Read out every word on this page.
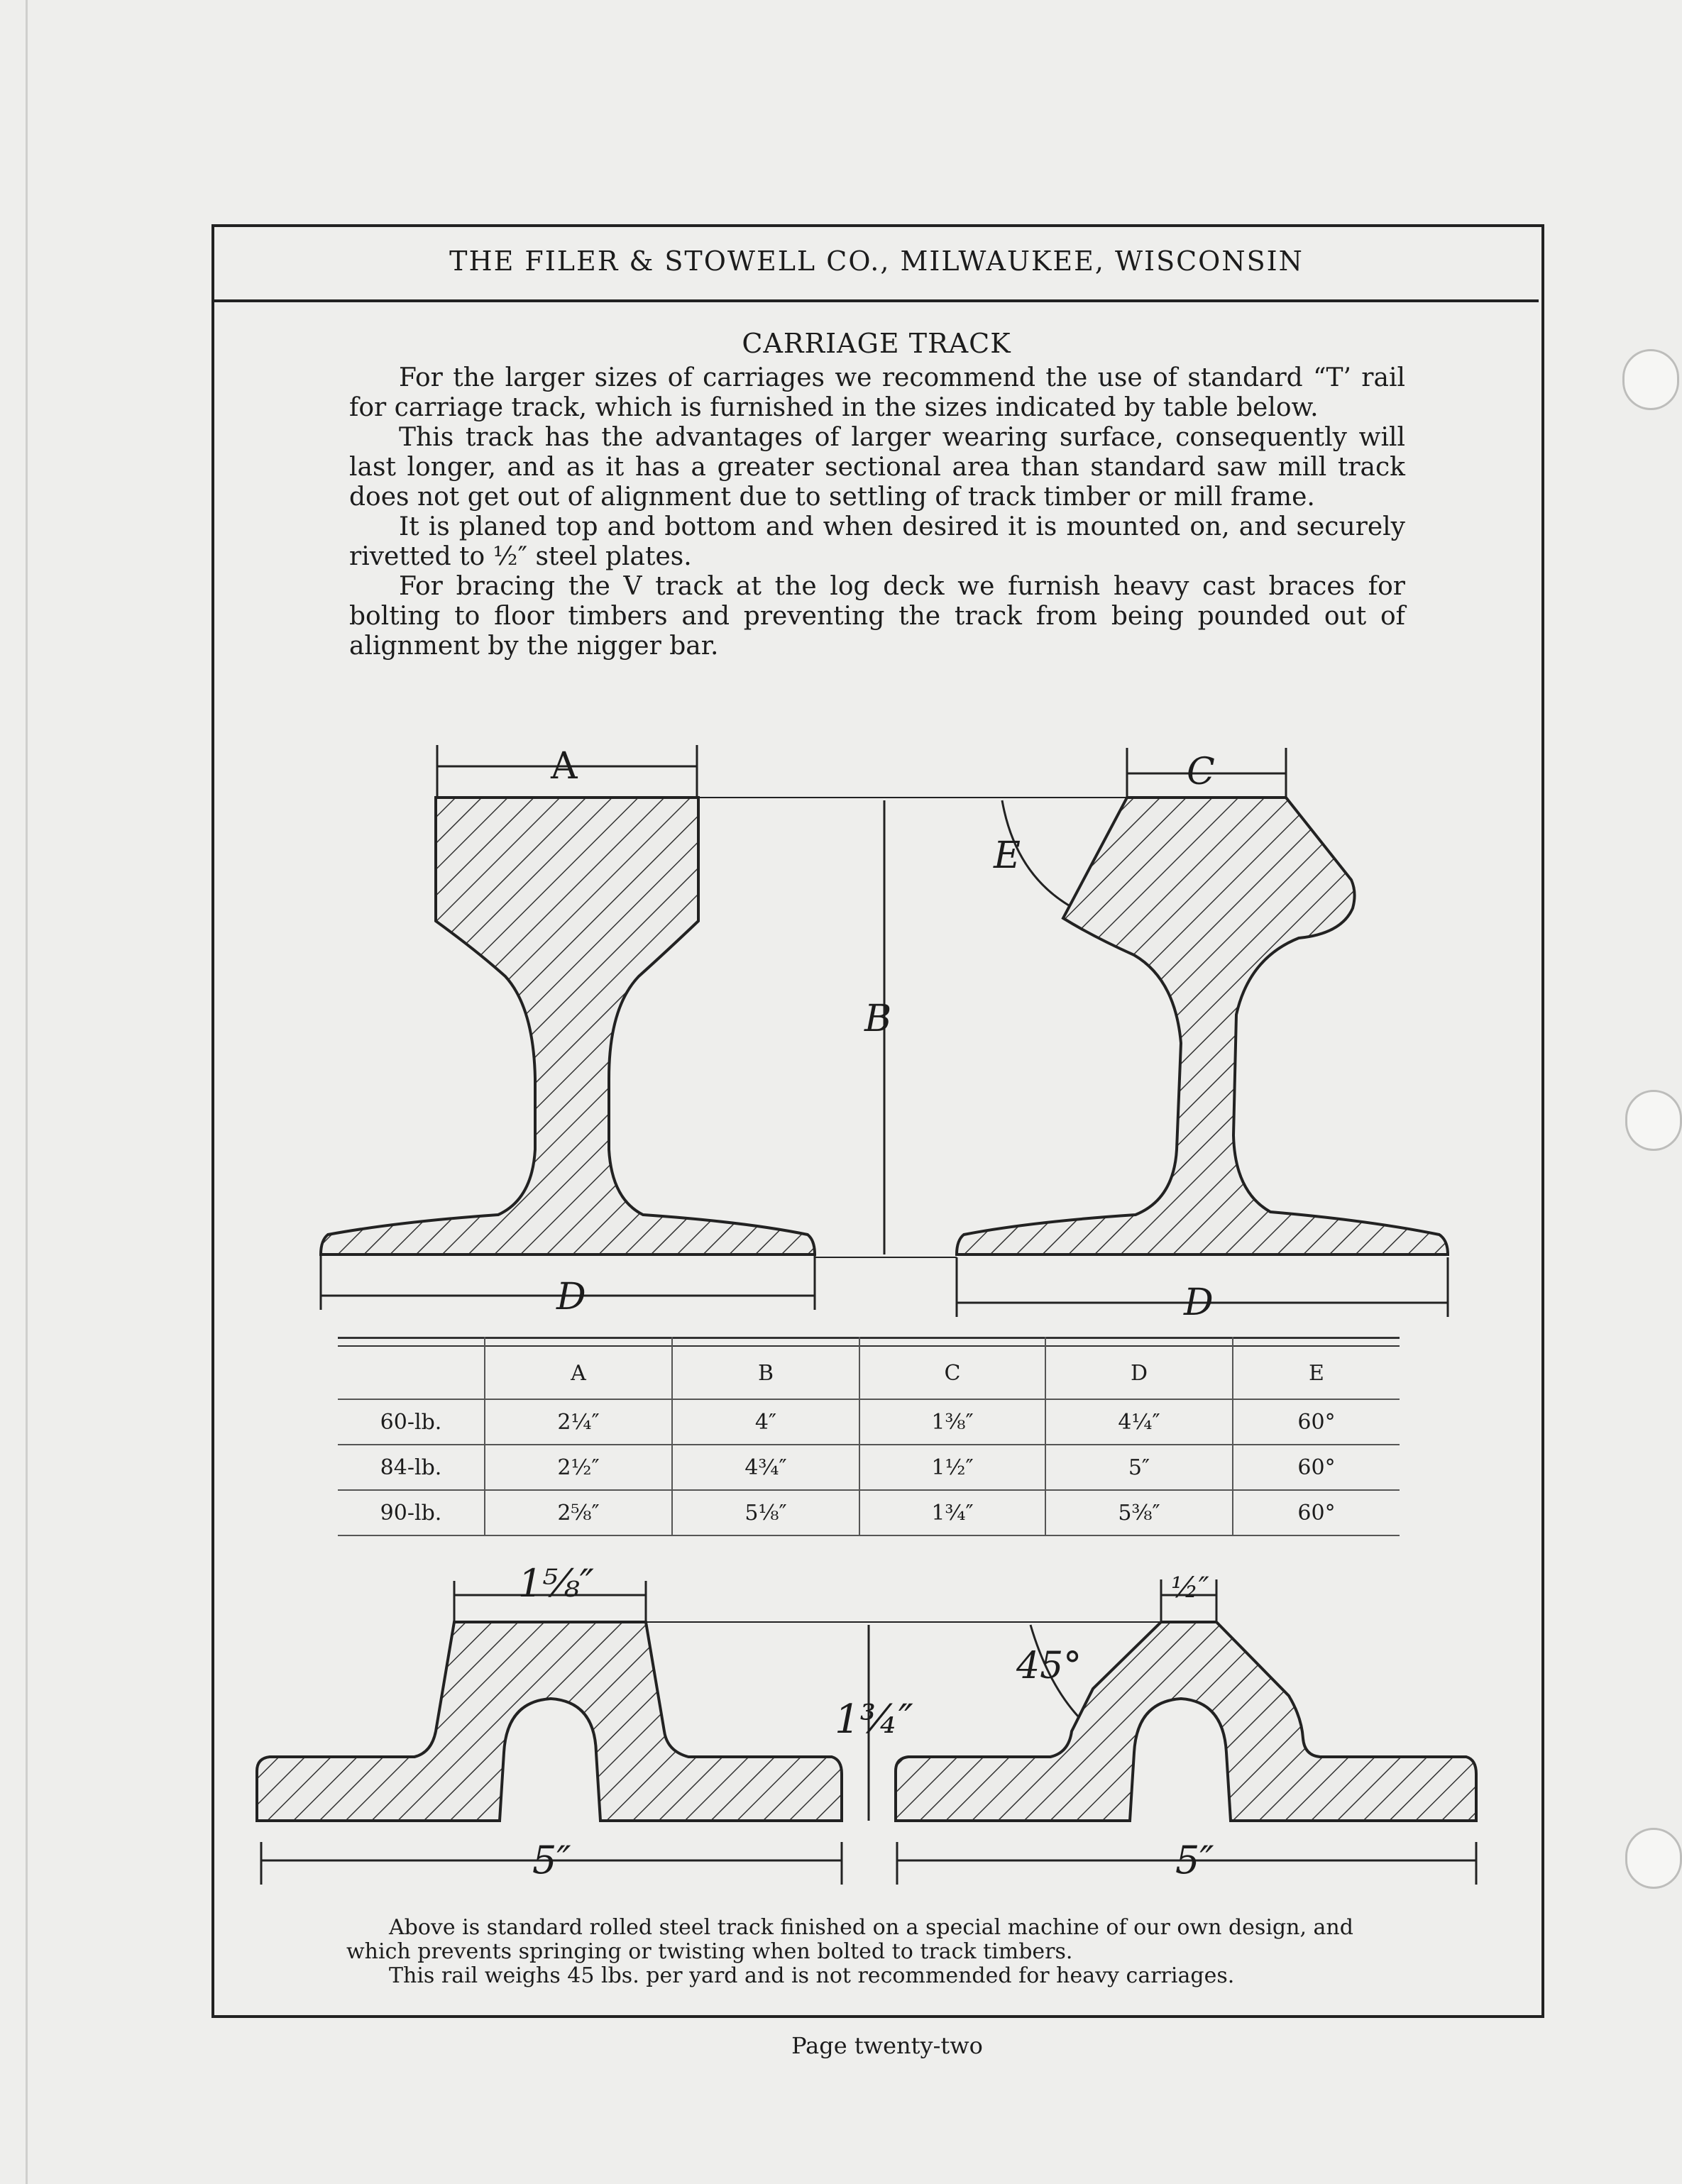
THE FILER & STOWELL CO., MILWAUKEE, WISCONSIN
CARRIAGE TRACK

For the larger sizes of carriages we recommend the use of standard “T’ rail for carriage track, which is furnished in the sizes indicated by table below.

This track has the advantages of larger wearing surface, consequently will last longer, and as it has a greater sectional area than standard saw mill track does not get out of alignment due to settling of track timber or mill frame.

It is planed top and bottom and when desired it is mounted on, and securely rivetted to ½″ steel plates.

For bracing the V track at the log deck we furnish heavy cast braces for bolting to floor timbers and preventing the track from being pounded out of alignment by the nigger bar.

A	C
E
B
D	D
	A	B	C	D	E
60-lb.	2¼″	4″	1⅜″	4¼″	60°
84-lb.	2½″	4¾″	1½″	5″	60°
90-lb.	2⅝″	5⅛″	1¾″	5⅜″	60°
1⅝″	½″
45°
1¾″
5″	5″

Above is standard rolled steel track finished on a special machine of our own design, and which prevents springing or twisting when bolted to track timbers.

This rail weighs 45 lbs. per yard and is not recommended for heavy carriages.

Page twenty-two
